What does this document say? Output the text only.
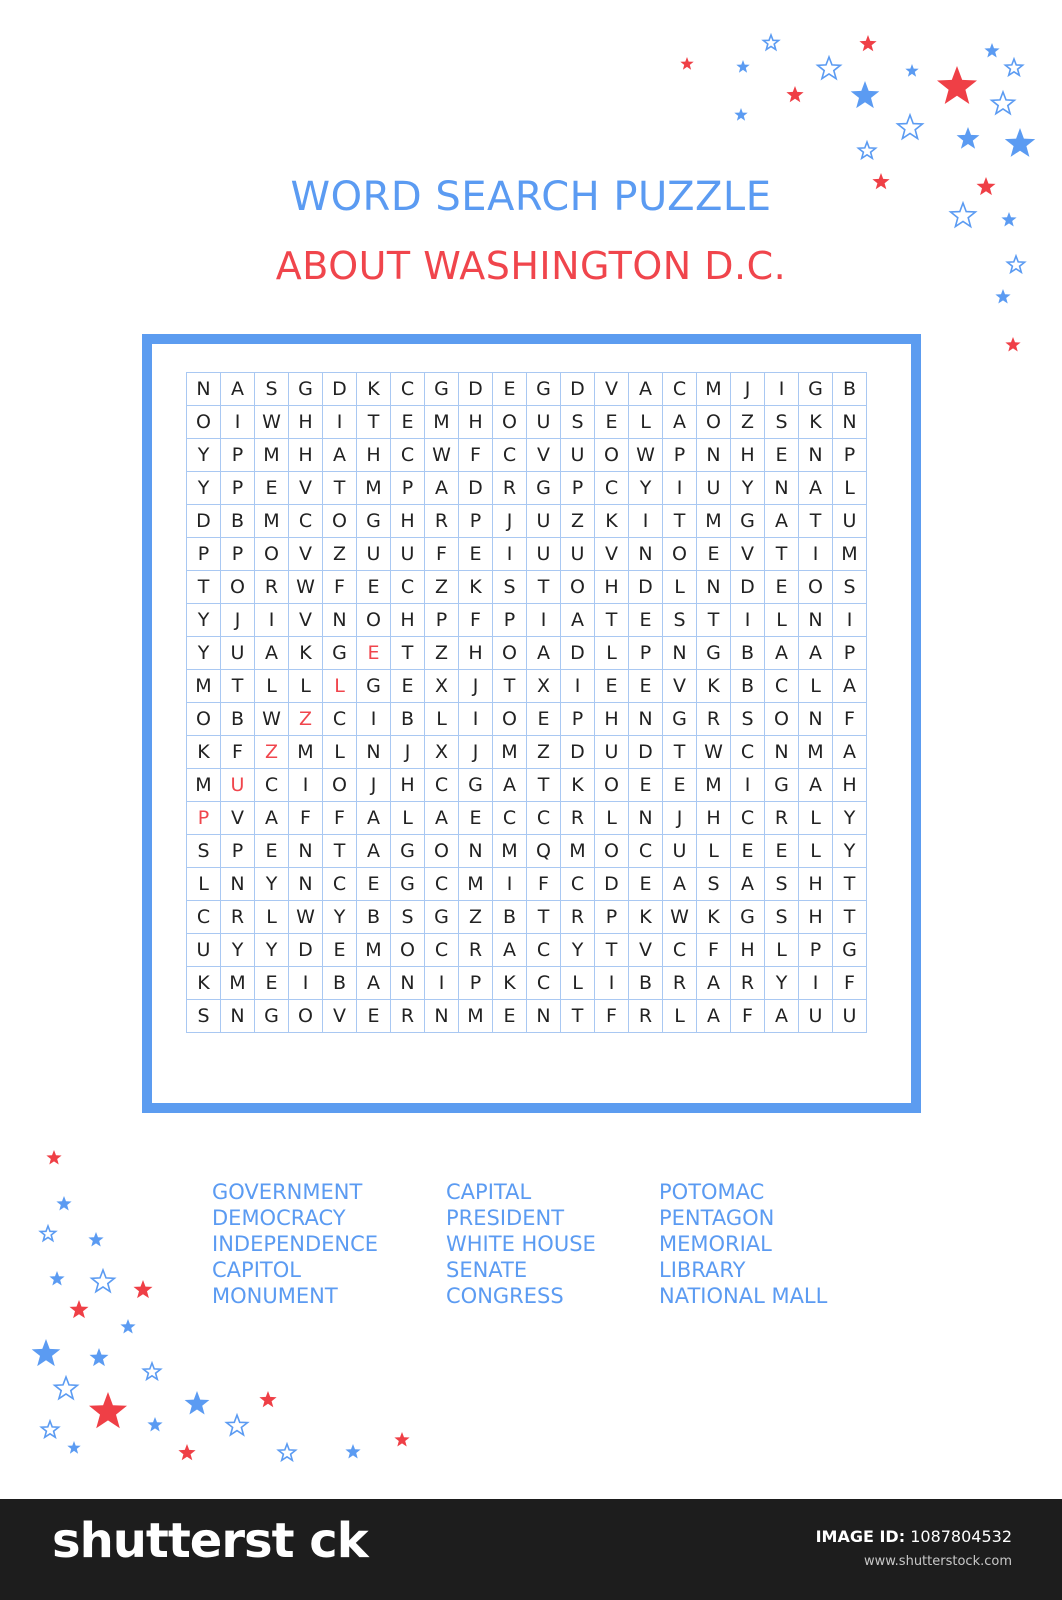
WORD SEARCH PUZZLE
ABOUT WASHINGTON D.C.
N	A	S	G	D	K	C	G	D	E	G	D	V	A	C	M	J	I	G	B
O	I	W	H	I	T	E	M	H	O	U	S	E	L	A	O	Z	S	K	N
Y	P	M	H	A	H	C	W	F	C	V	U	O	W	P	N	H	E	N	P
Y	P	E	V	T	M	P	A	D	R	G	P	C	Y	I	U	Y	N	A	L
D	B	M	C	O	G	H	R	P	J	U	Z	K	I	T	M	G	A	T	U
P	P	O	V	Z	U	U	F	E	I	U	U	V	N	O	E	V	T	I	M
T	O	R	W	F	E	C	Z	K	S	T	O	H	D	L	N	D	E	O	S
Y	J	I	V	N	O	H	P	F	P	I	A	T	E	S	T	I	L	N	I
Y	U	A	K	G	E	T	Z	H	O	A	D	L	P	N	G	B	A	A	P
M	T	L	L	L	G	E	X	J	T	X	I	E	E	V	K	B	C	L	A
O	B	W	Z	C	I	B	L	I	O	E	P	H	N	G	R	S	O	N	F
K	F	Z	M	L	N	J	X	J	M	Z	D	U	D	T	W	C	N	M	A
M	U	C	I	O	J	H	C	G	A	T	K	O	E	E	M	I	G	A	H
P	V	A	F	F	A	L	A	E	C	C	R	L	N	J	H	C	R	L	Y
S	P	E	N	T	A	G	O	N	M	Q	M	O	C	U	L	E	E	L	Y
L	N	Y	N	C	E	G	C	M	I	F	C	D	E	A	S	A	S	H	T
C	R	L	W	Y	B	S	G	Z	B	T	R	P	K	W	K	G	S	H	T
U	Y	Y	D	E	M	O	C	R	A	C	Y	T	V	C	F	H	L	P	G
K	M	E	I	B	A	N	I	P	K	C	L	I	B	R	A	R	Y	I	F
S	N	G	O	V	E	R	N	M	E	N	T	F	R	L	A	F	A	U	U
GOVERNMENT
DEMOCRACY
INDEPENDENCE
CAPITOL
MONUMENT
CAPITAL
PRESIDENT
WHITE HOUSE
SENATE
CONGRESS
POTOMAC
PENTAGON
MEMORIAL
LIBRARY
NATIONAL MALL
shutterst ck	IMAGE ID: 1087804532
www.shutterstock.com
